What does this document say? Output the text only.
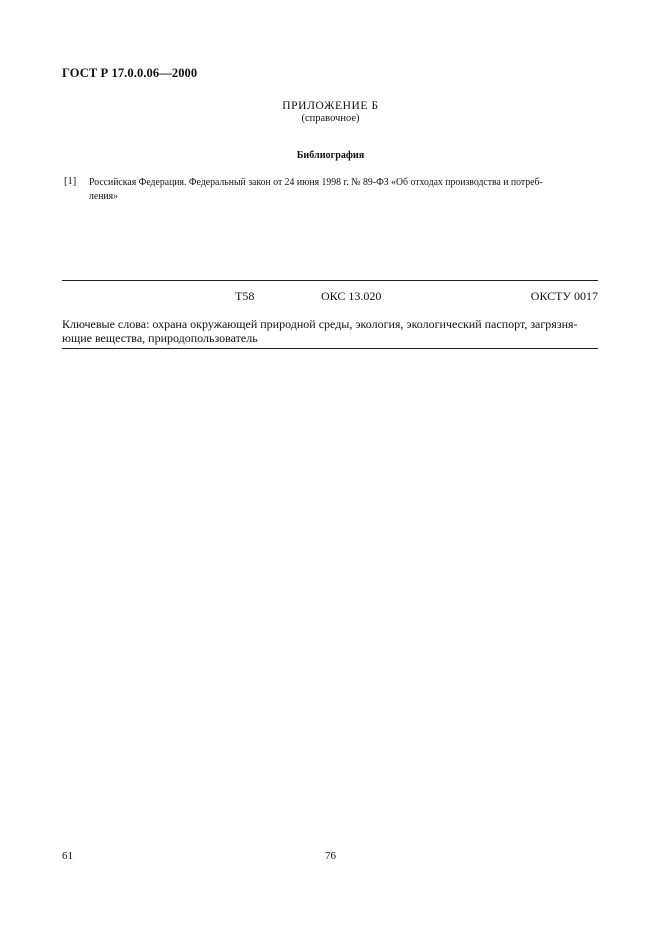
ГОСТ Р 17.0.0.06—2000
ПРИЛОЖЕНИЕ Б
(справочное)
Библиография
[1] Российская Федерация. Федеральный закон от 24 июня 1998 г. № 89-ФЗ «Об отходах производства и потреб-
ления»
Т58	ОКС 13.020	ОКСТУ 0017
Ключевые слова: охрана окружающей природной среды, экология, экологический паспорт, загрязня-
ющие вещества, природопользователь
61	76
